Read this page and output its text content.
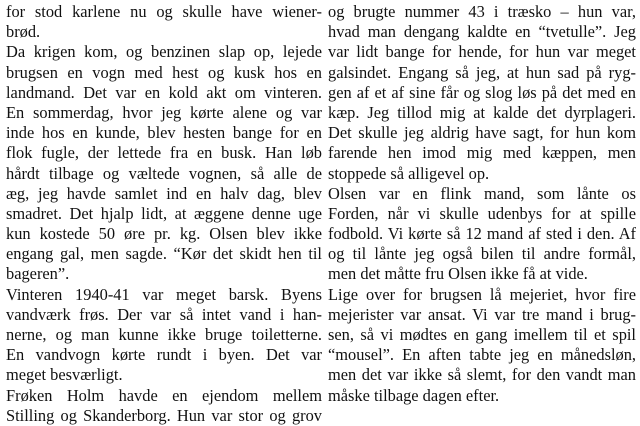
for stod karlene nu og skulle have wiener-
brød.
Da krigen kom, og benzinen slap op, lejede
brugsen en vogn med hest og kusk hos en
landmand. Det var en kold akt om vinteren.
En sommerdag, hvor jeg kørte alene og var
inde hos en kunde, blev hesten bange for en
flok fugle, der lettede fra en busk. Han løb
hårdt tilbage og væltede vognen, så alle de
æg, jeg havde samlet ind en halv dag, blev
smadret. Det hjalp lidt, at æggene denne uge
kun kostede 50 øre pr. kg. Olsen blev ikke
engang gal, men sagde. “Kør det skidt hen til
bageren”.
Vinteren 1940-41 var meget barsk. Byens
vandværk frøs. Der var så intet vand i han-
nerne, og man kunne ikke bruge toiletterne.
En vandvogn kørte rundt i byen. Det var
meget besværligt.
Frøken Holm havde en ejendom mellem
Stilling og Skanderborg. Hun var stor og grov
og brugte nummer 43 i træsko – hun var,
hvad man dengang kaldte en “tvetulle”. Jeg
var lidt bange for hende, for hun var meget
galsindet. Engang så jeg, at hun sad på ryg-
gen af et af sine får og slog løs på det med en
kæp. Jeg tillod mig at kalde det dyrplageri.
Det skulle jeg aldrig have sagt, for hun kom
farende hen imod mig med kæppen, men
stoppede så alligevel op.
Olsen var en flink mand, som lånte os
Forden, når vi skulle udenbys for at spille
fodbold. Vi kørte så 12 mand af sted i den. Af
og til lånte jeg også bilen til andre formål,
men det måtte fru Olsen ikke få at vide.
Lige over for brugsen lå mejeriet, hvor fire
mejerister var ansat. Vi var tre mand i brug-
sen, så vi mødtes en gang imellem til et spil
“mousel”. En aften tabte jeg en månedsløn,
men det var ikke så slemt, for den vandt man
måske tilbage dagen efter.
